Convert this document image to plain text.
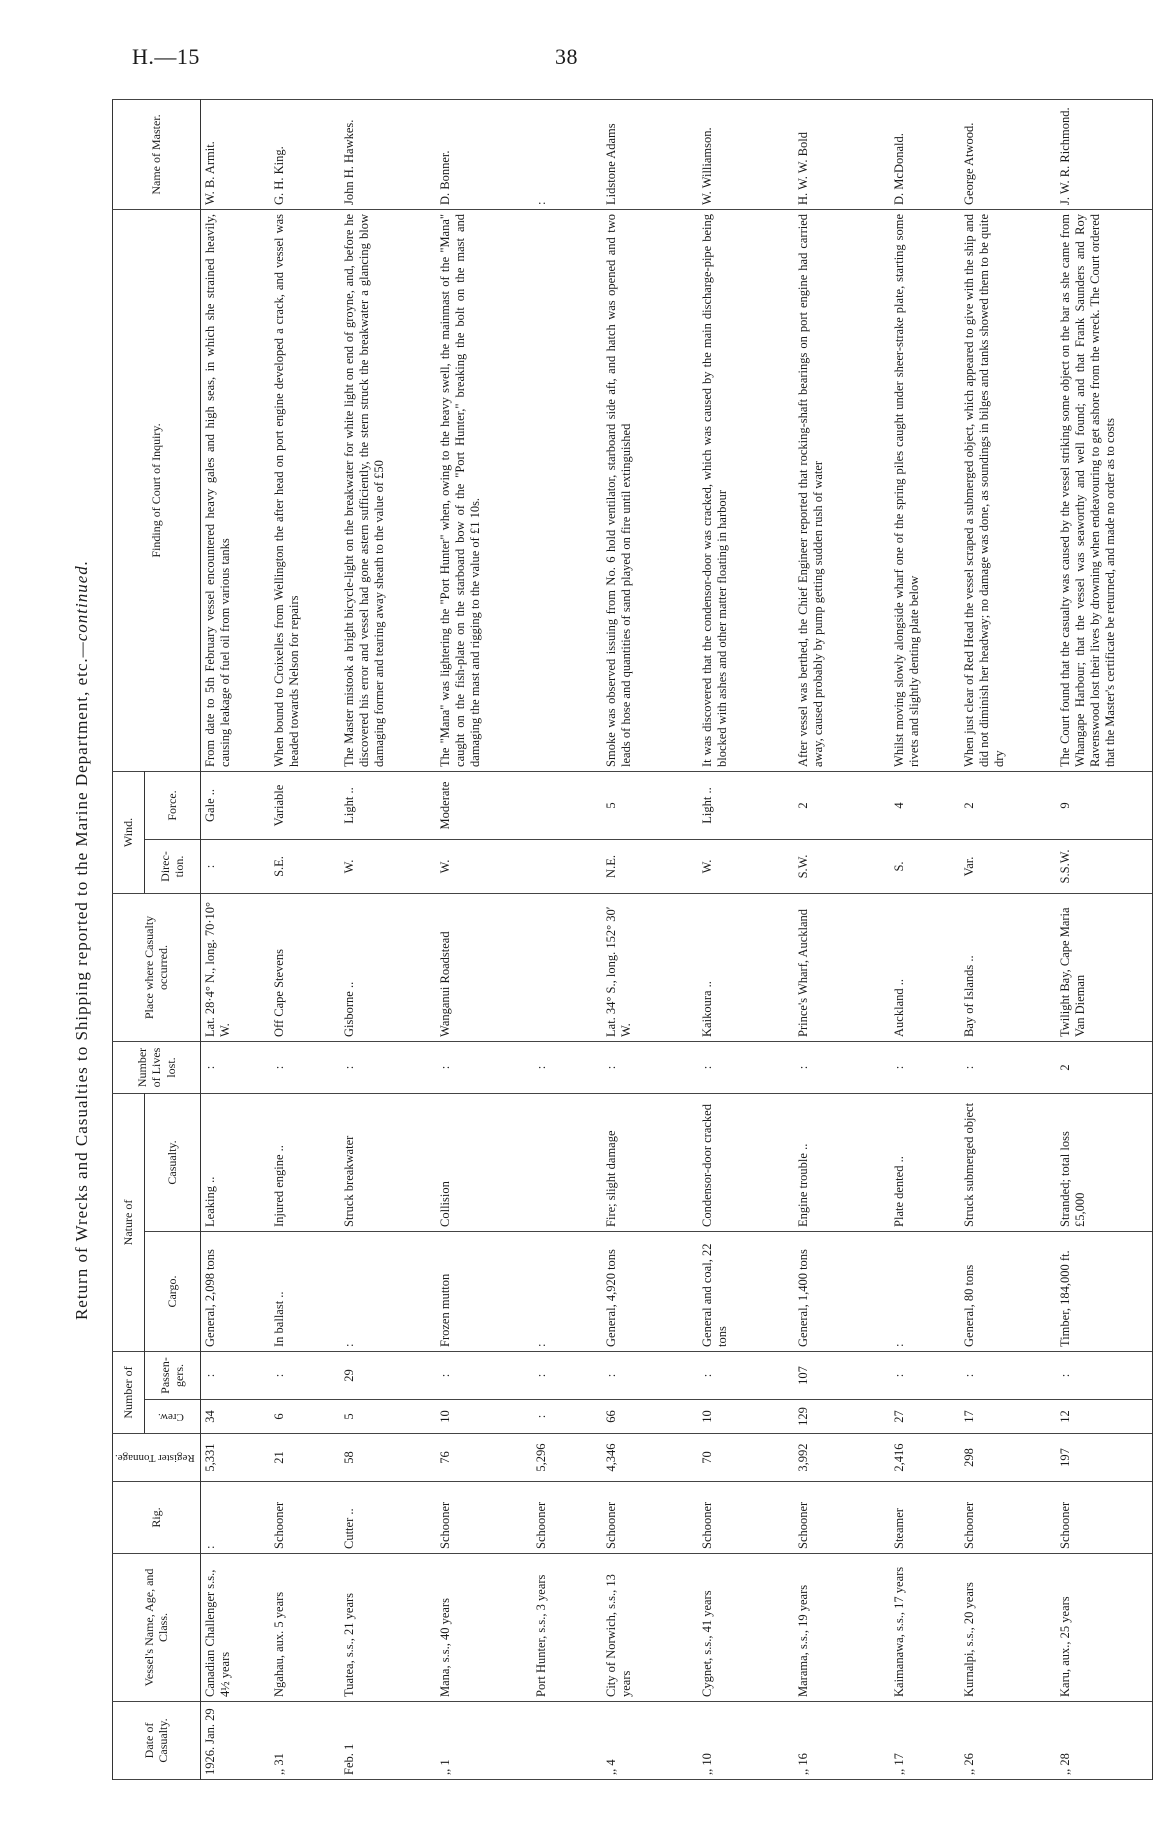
H.—15	38
Return of Wrecks and Casualties to Shipping reported to the Marine Department, etc.—continued.
Date of Casualty.	Vessel's Name, Age, and Class.	Rig.	Register Tonnage.	Number of		Nature of		Number of Lives lost.	Place where Casualty occurred.	Wind.		Finding of Court of Inquiry.	Name of Master.
				Crew.	Passen-gers.	Cargo.	Casualty.			Direc-tion.	Force.		
1926. Jan. 29	Canadian Challenger s.s., 4½ years	:	5,331	34	:	General, 2,098 tons	Leaking ..	:	Lat. 28·4° N., long. 70·10° W.	:	Gale ..	From date to 5th February vessel encountered heavy gales and high seas, in which she strained heavily, causing leakage of fuel oil from various tanks	W. B. Armit.
,, 31	Ngahau, aux. 5 years	Schooner	21	6	:	In ballast ..	Injured engine ..	:	Off Cape Stevens	S.E.	Variable	When bound to Croixelles from Wellington the after head on port engine developed a crack, and vessel was headed towards Nelson for repairs	G. H. King.
Feb. 1	Tuatea, s.s., 21 years	Cutter ..	58	5	29	:	Struck breakwater	:	Gisborne ..	W.	Light ..	The Master mistook a bright bicycle-light on the breakwater for white light on end of groyne, and, before he discovered his error and vessel had gone astern sufficiently, the stern struck the breakwater a glancing blow damaging former and tearing away sheath to the value of £50	John H. Hawkes.
,, 1	Mana, s.s., 40 years	Schooner	76	10	:	Frozen mutton	Collision	:	Wanganui Roadstead	W.	Moderate	The "Mana" was lightering the "Port Hunter" when, owing to the heavy swell, the mainmast of the "Mana" caught on the fish-plate on the starboard bow of the "Port Hunter," breaking the bolt on the mast and damaging the mast and rigging to the value of £1 10s.	D. Bonner.
	Port Hunter, s.s., 3 years	Schooner	5,296	:	:	:		:					:
,, 4	City of Norwich, s.s., 13 years	Schooner	4,346	66	:	General, 4,920 tons	Fire; slight damage	:	Lat. 34° S., long. 152° 30′ W.	N.E.	5	Smoke was observed issuing from No. 6 hold ventilator, starboard side aft, and hatch was opened and two leads of hose and quantities of sand played on fire until extinguished	Lidstone Adams
,, 10	Cygnet, s.s., 41 years	Schooner	70	10	:	General and coal, 22 tons	Condensor-door cracked	:	Kaikoura ..	W.	Light ..	It was discovered that the condensor-door was cracked, which was caused by the main discharge-pipe being blocked with ashes and other matter floating in harbour	W. Williamson.
,, 16	Marama, s.s., 19 years	Schooner	3,992	129	107	General, 1,400 tons	Engine trouble ..	:	Prince's Wharf, Auckland	S.W.	2	After vessel was berthed, the Chief Engineer reported that rocking-shaft bearings on port engine had carried away, caused probably by pump getting sudden rush of water	H. W. W. Bold
,, 17	Kaimanawa, s.s., 17 years	Steamer	2,416	27	:	:	Plate dented ..	:	Auckland ..	S.	4	Whilst moving slowly alongside wharf one of the spring piles caught under sheer-strake plate, starting some rivets and slightly denting plate below	D. McDonald.
,, 26	Kurnalpi, s.s., 20 years	Schooner	298	17	:	General, 80 tons	Struck submerged object	:	Bay of Islands ..	Var.	2	When just clear of Red Head the vessel scraped a submerged object, which appeared to give with the ship and did not diminish her headway; no damage was done, as soundings in bilges and tanks showed them to be quite dry	George Atwood.
,, 28	Karu, aux., 25 years	Schooner	197	12	:	Timber, 184,000 ft.	Stranded; total loss £5,000	2	Twilight Bay, Cape Maria Van Dieman	S.S.W.	9	The Court found that the casualty was caused by the vessel striking some object on the bar as she came from Whangape Harbour; that the vessel was seaworthy and well found; and that Frank Saunders and Roy Ravenswood lost their lives by drowning when endeavouring to get ashore from the wreck. The Court ordered that the Master's certificate be returned, and made no order as to costs	J. W. R. Richmond.
